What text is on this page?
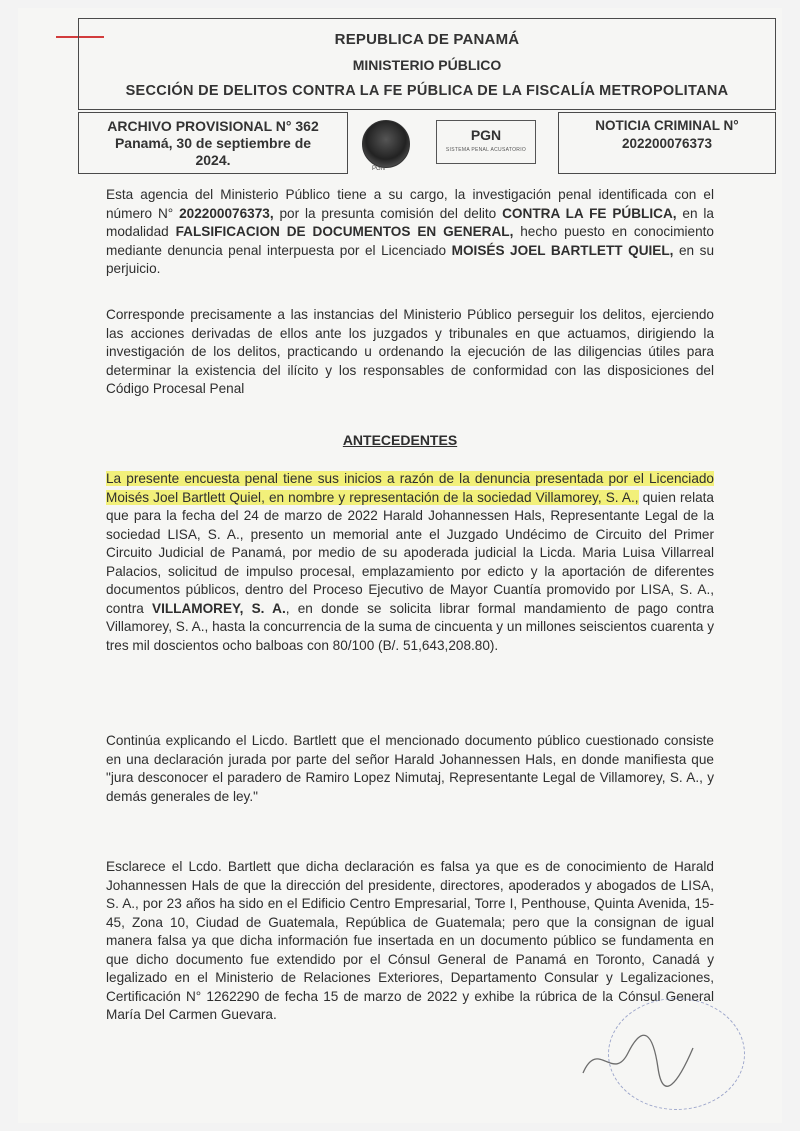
REPUBLICA DE PANAMÁ
MINISTERIO PÚBLICO
SECCIÓN DE DELITOS CONTRA LA FE PÚBLICA DE LA FISCALÍA METROPOLITANA
ARCHIVO PROVISIONAL N° 362
Panamá, 30 de septiembre de
2024.
PGN
PGN
SISTEMA PENAL ACUSATORIO
NOTICIA CRIMINAL N°
202200076373
Esta agencia del Ministerio Público tiene a su cargo, la investigación penal identificada con el número N° 202200076373, por la presunta comisión del delito CONTRA LA FE PÚBLICA, en la modalidad FALSIFICACION DE DOCUMENTOS EN GENERAL, hecho puesto en conocimiento mediante denuncia penal interpuesta por el Licenciado MOISÉS JOEL BARTLETT QUIEL, en su perjuicio.
Corresponde precisamente a las instancias del Ministerio Público perseguir los delitos, ejerciendo las acciones derivadas de ellos ante los juzgados y tribunales en que actuamos, dirigiendo la investigación de los delitos, practicando u ordenando la ejecución de las diligencias útiles para determinar la existencia del ilícito y los responsables de conformidad con las disposiciones del Código Procesal Penal
ANTECEDENTES
La presente encuesta penal tiene sus inicios a razón de la denuncia presentada por el Licenciado Moisés Joel Bartlett Quiel, en nombre y representación de la sociedad Villamorey, S. A., quien relata que para la fecha del 24 de marzo de 2022 Harald Johannessen Hals, Representante Legal de la sociedad LISA, S. A., presento un memorial ante el Juzgado Undécimo de Circuito del Primer Circuito Judicial de Panamá, por medio de su apoderada judicial la Licda. Maria Luisa Villarreal Palacios, solicitud de impulso procesal, emplazamiento por edicto y la aportación de diferentes documentos públicos, dentro del Proceso Ejecutivo de Mayor Cuantía promovido por LISA, S. A., contra VILLAMOREY, S. A., en donde se solicita librar formal mandamiento de pago contra Villamorey, S. A., hasta la concurrencia de la suma de cincuenta y un millones seiscientos cuarenta y tres mil doscientos ocho balboas con 80/100 (B/. 51,643,208.80).
Continúa explicando el Licdo. Bartlett que el mencionado documento público cuestionado consiste en una declaración jurada por parte del señor Harald Johannessen Hals, en donde manifiesta que "jura desconocer el paradero de Ramiro Lopez Nimutaj, Representante Legal de Villamorey, S. A., y demás generales de ley."
Esclarece el Lcdo. Bartlett que dicha declaración es falsa ya que es de conocimiento de Harald Johannessen Hals de que la dirección del presidente, directores, apoderados y abogados de LISA, S. A., por 23 años ha sido en el Edificio Centro Empresarial, Torre I, Penthouse, Quinta Avenida, 15-45, Zona 10, Ciudad de Guatemala, República de Guatemala; pero que la consignan de igual manera falsa ya que dicha información fue insertada en un documento público se fundamenta en que dicho documento fue extendido por el Cónsul General de Panamá en Toronto, Canadá y legalizado en el Ministerio de Relaciones Exteriores, Departamento Consular y Legalizaciones, Certificación N° 1262290 de fecha 15 de marzo de 2022 y exhibe la rúbrica de la Cónsul General María Del Carmen Guevara.
